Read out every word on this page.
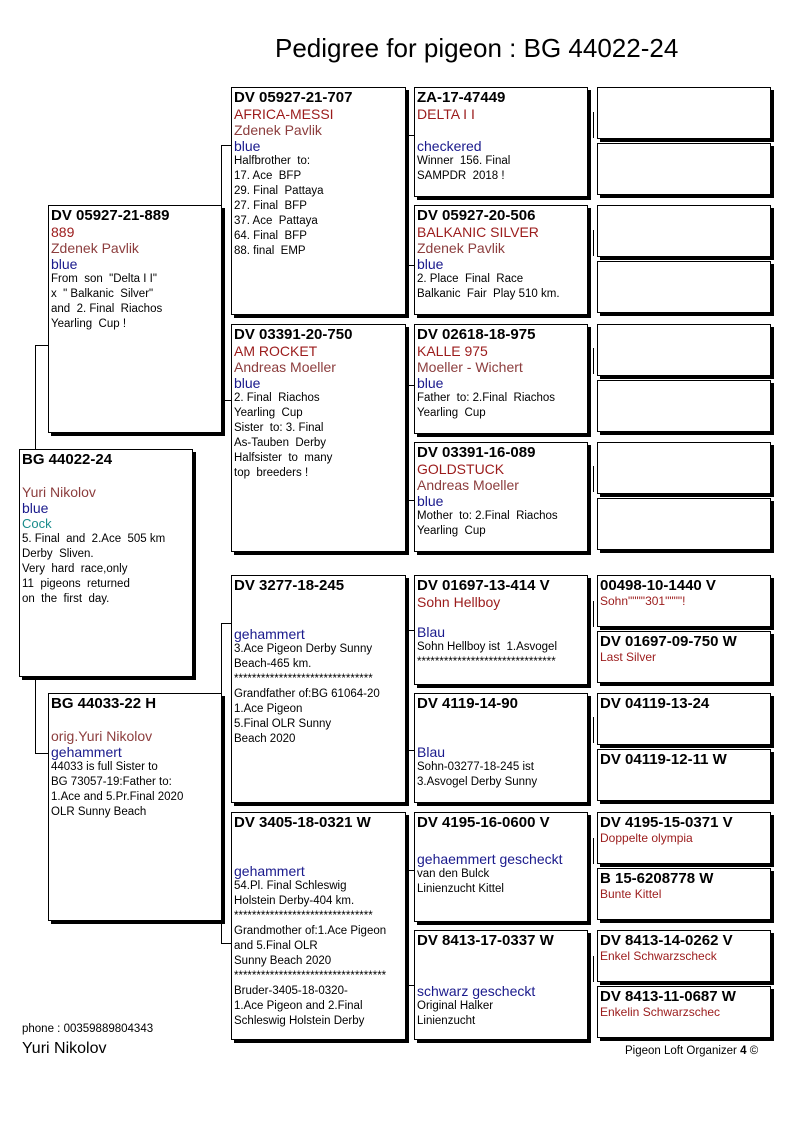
Pedigree for pigeon : BG 44022-24
BG 44022-24
Yuri Nikolov
blue
Cock
5. Final  and  2.Ace  505 km
Derby  Sliven.
Very  hard  race,only
11  pigeons  returned
on  the  first  day.
DV 05927-21-889
889
Zdenek Pavlik
blue
From  son  "Delta I I"
x  " Balkanic  Silver"
and  2. Final  Riachos
Yearling  Cup !
BG 44033-22 H
orig.Yuri Nikolov
gehammert
44033 is full Sister to
BG 73057-19:Father to:
1.Ace and 5.Pr.Final 2020
OLR Sunny Beach
DV 05927-21-707
AFRICA-MESSI
Zdenek Pavlik
blue
Halfbrother  to:
17. Ace  BFP
29. Final  Pattaya
27. Final  BFP
37. Ace  Pattaya
64. Final  BFP
88. final  EMP
DV 03391-20-750
AM ROCKET
Andreas Moeller
blue
2. Final  Riachos
Yearling  Cup
Sister  to: 3. Final
As-Tauben  Derby
Halfsister  to  many
top  breeders !
DV 3277-18-245
gehammert
3.Ace Pigeon Derby Sunny
Beach-465 km.
*******************************
Grandfather of:BG 61064-20
1.Ace Pigeon
5.Final OLR Sunny
Beach 2020
DV 3405-18-0321 W
gehammert
54.Pl. Final Schleswig
Holstein Derby-404 km.
*******************************
Grandmother of:1.Ace Pigeon
and 5.Final OLR
Sunny Beach 2020
**********************************
Bruder-3405-18-0320-
1.Ace Pigeon and 2.Final
Schleswig Holstein Derby
ZA-17-47449
DELTA I I
checkered
Winner  156. Final
SAMPDR  2018 !
DV 05927-20-506
BALKANIC SILVER
Zdenek Pavlik
blue
2. Place  Final  Race
Balkanic  Fair  Play 510 km.
DV 02618-18-975
KALLE 975
Moeller - Wichert
blue
Father  to: 2.Final  Riachos
Yearling  Cup
DV 03391-16-089
GOLDSTUCK
Andreas Moeller
blue
Mother  to: 2.Final  Riachos
Yearling  Cup
DV 01697-13-414 V
Sohn Hellboy
Blau
Sohn Hellboy ist  1.Asvogel
*******************************
DV 4119-14-90
Blau
Sohn-03277-18-245 ist
3.Asvogel Derby Sunny
DV 4195-16-0600 V
gehaemmert gescheckt
van den Bulck
Linienzucht Kittel
DV 8413-17-0337 W
schwarz gescheckt
Original Halker
Linienzucht
00498-10-1440 V
Sohn""""301""""!
DV 01697-09-750 W
Last Silver
DV 04119-13-24
DV 04119-12-11 W
DV 4195-15-0371 V
Doppelte olympia
B 15-6208778 W
Bunte Kittel
DV 8413-14-0262 V
Enkel Schwarzscheck
DV 8413-11-0687 W
Enkelin Schwarzschec
phone : 00359889804343
Yuri Nikolov	Pigeon Loft Organizer 4 ©
